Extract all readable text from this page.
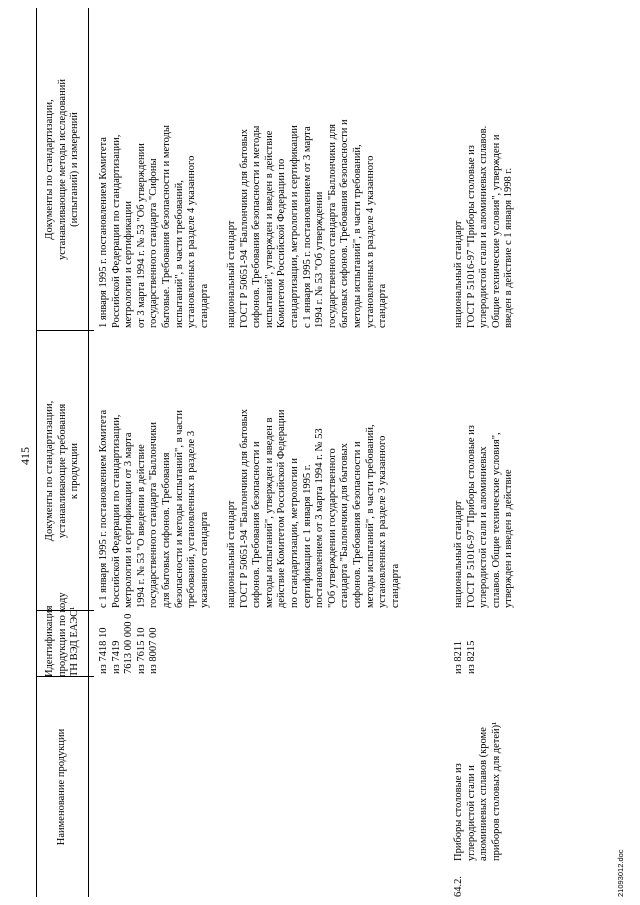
415
21093012.doc
Наименование продукции
Идентификация продукции по коду ТН ВЭД ЕАЭС¹
Документы по стандартизации, устанавливающие требования к продукции
Документы по стандартизации, устанавливающие методы исследований (испытаний) и измерений
из 7418 10 из 7419 7613 00 000 0 из 7615 10 из 8007 00
с 1 января 1995 г. постановлением Комитета Российской Федерации по стандартизации, метрологии и сертификации от 3 марта 1994 г. № 53 "О введении в действие государственного стандарта "Баллончики для бытовых сифонов. Требования безопасности и методы испытаний", в части требований, установленных в разделе 3 указанного стандарта национальный стандарт ГОСТ Р 50651-94 "Баллончики для бытовых сифонов. Требования безопасности и методы испытаний", утвержден и введен в действие Комитетом Российской Федерации по стандартизации, метрологии и сертификации с 1 января 1995 г. постановлением от 3 марта 1994 г. № 53 "Об утверждении государственного стандарта "Баллончики для бытовых сифонов. Требования безопасности и методы испытаний", в части требований, установленных в разделе 3 указанного стандарта
1 января 1995 г. постановлением Комитета Российской Федерации по стандартизации, метрологии и сертификации от 3 марта 1994 г. № 53 "Об утверждении государственного стандарта "Сифоны бытовые. Требования безопасности и методы испытаний", в части требований, установленных в разделе 4 указанного стандарта национальный стандарт ГОСТ Р 50651-94 "Баллончики для бытовых сифонов. Требования безопасности и методы испытаний", утвержден и введен в действие Комитетом Российской Федерации по стандартизации, метрологии и сертификации с 1 января 1995 г. постановлением от 3 марта 1994 г. № 53 "Об утверждении государственного стандарта "Баллончики для бытовых сифонов. Требования безопасности и методы испытаний", в части требований, установленных в разделе 4 указанного стандарта
64.2.
Приборы столовые из углеродистой стали и алюминиевых сплавов (кроме приборов столовых для детей)¹
из 8211 из 8215
национальный стандарт ГОСТ Р 51016-97 "Приборы столовые из углеродистой стали и алюминиевых сплавов. Общие технические условия", утвержден и введен в действие
национальный стандарт ГОСТ Р 51016-97 "Приборы столовые из углеродистой стали и алюминиевых сплавов. Общие технические условия", утвержден и введен в действие с 1 января 1998 г.
